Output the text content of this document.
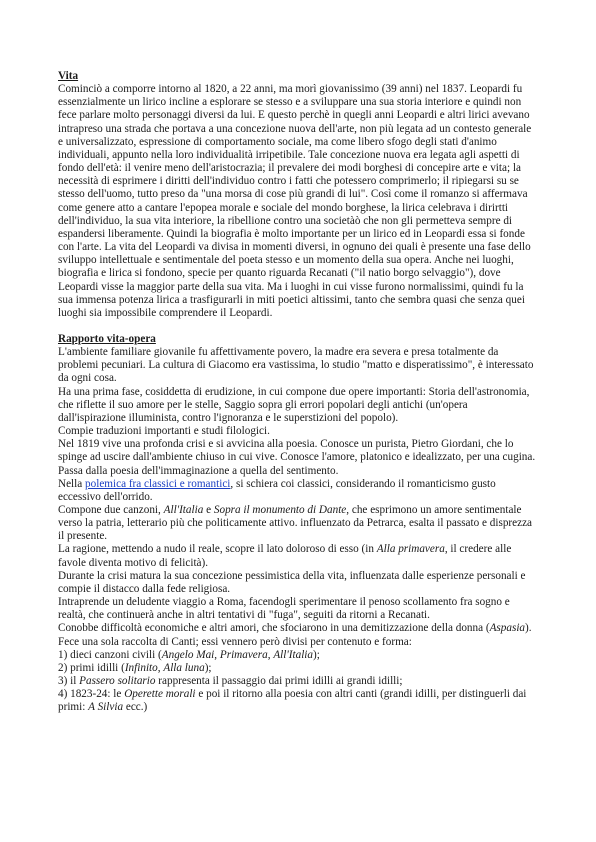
Vita

Cominciò a comporre intorno al 1820, a 22 anni, ma morì giovanissimo (39 anni) nel 1837. Leopardi fu essenzialmente un lirico incline a esplorare se stesso e a sviluppare una sua storia interiore e quindi non fece parlare molto personaggi diversi da lui. E questo perchè in quegli anni Leopardi e altri lirici avevano intrapreso una strada che portava a una concezione nuova dell'arte, non più legata ad un contesto generale e universalizzato, espressione di comportamento sociale, ma come libero sfogo degli stati d'animo individuali, appunto nella loro individualità irripetibile. Tale concezione nuova era legata agli aspetti di fondo dell'età: il venire meno dell'aristocrazia; il prevalere dei modi borghesi di concepire arte e vita; la necessità di esprimere i diritti dell'individuo contro i fatti che potessero comprimerlo; il ripiegarsi su se stesso dell'uomo, tutto preso da "una morsa di cose più grandi di lui". Così come il romanzo si affermava come genere atto a cantare l'epopea morale e sociale del mondo borghese, la lirica celebrava i dirirtti dell'individuo, la sua vita interiore, la ribellione contro una societàò che non gli permetteva sempre di espandersi liberamente. Quindi la biografia è molto importante per un lirico ed in Leopardi essa si fonde con l'arte. La vita del Leopardi va divisa in momenti diversi, in ognuno dei quali è presente una fase dello sviluppo intellettuale e sentimentale del poeta stesso e un momento della sua opera. Anche nei luoghi, biografia e lirica si fondono, specie per quanto riguarda Recanati ("il natio borgo selvaggio"), dove Leopardi visse la maggior parte della sua vita. Ma i luoghi in cui visse furono normalissimi, quindi fu la sua immensa potenza lirica a trasfigurarli in miti poetici altissimi, tanto che sembra quasi che senza quei luoghi sia impossibile comprendere il Leopardi.

Rapporto vita-opera

L'ambiente familiare giovanile fu affettivamente povero, la madre era severa e presa totalmente da problemi pecuniari. La cultura di Giacomo era vastissima, lo studio "matto e disperatissimo", è interessato da ogni cosa.

Ha una prima fase, cosiddetta di erudizione, in cui compone due opere importanti: Storia dell'astronomia, che riflette il suo amore per le stelle, Saggio sopra gli errori popolari degli antichi (un'opera dall'ispirazione illuminista, contro l'ignoranza e le superstizioni del popolo).

Compie traduzioni importanti e studi filologici.

Nel 1819 vive una profonda crisi e si avvicina alla poesia. Conosce un purista, Pietro Giordani, che lo spinge ad uscire dall'ambiente chiuso in cui vive. Conosce l'amore, platonico e idealizzato, per una cugina. Passa dalla poesia dell'immaginazione a quella del sentimento.

Nella polemica fra classici e romantici, si schiera coi classici, considerando il romanticismo gusto eccessivo dell'orrido.

Compone due canzoni, All'Italia e Sopra il monumento di Dante, che esprimono un amore sentimentale verso la patria, letterario più che politicamente attivo. influenzato da Petrarca, esalta il passato e disprezza il presente.

La ragione, mettendo a nudo il reale, scopre il lato doloroso di esso (in Alla primavera, il credere alle favole diventa motivo di felicità).

Durante la crisi matura la sua concezione pessimistica della vita, influenzata dalle esperienze personali e compie il distacco dalla fede religiosa.

Intraprende un deludente viaggio a Roma, facendogli sperimentare il penoso scollamento fra sogno e realtà, che continuerà anche in altri tentativi di "fuga", seguiti da ritorni a Recanati.

Conobbe difficoltà economiche e altri amori, che sfociarono in una demitizzazione della donna (Aspasia).

Fece una sola raccolta di Canti; essi vennero però divisi per contenuto e forma:

1) dieci canzoni civili (Angelo Mai, Primavera, All'Italia);

2) primi idilli (Infinito, Alla luna);

3) il Passero solitario rappresenta il passaggio dai primi idilli ai grandi idilli;

4) 1823-24: le Operette morali e poi il ritorno alla poesia con altri canti (grandi idilli, per distinguerli dai primi: A Silvia ecc.)
